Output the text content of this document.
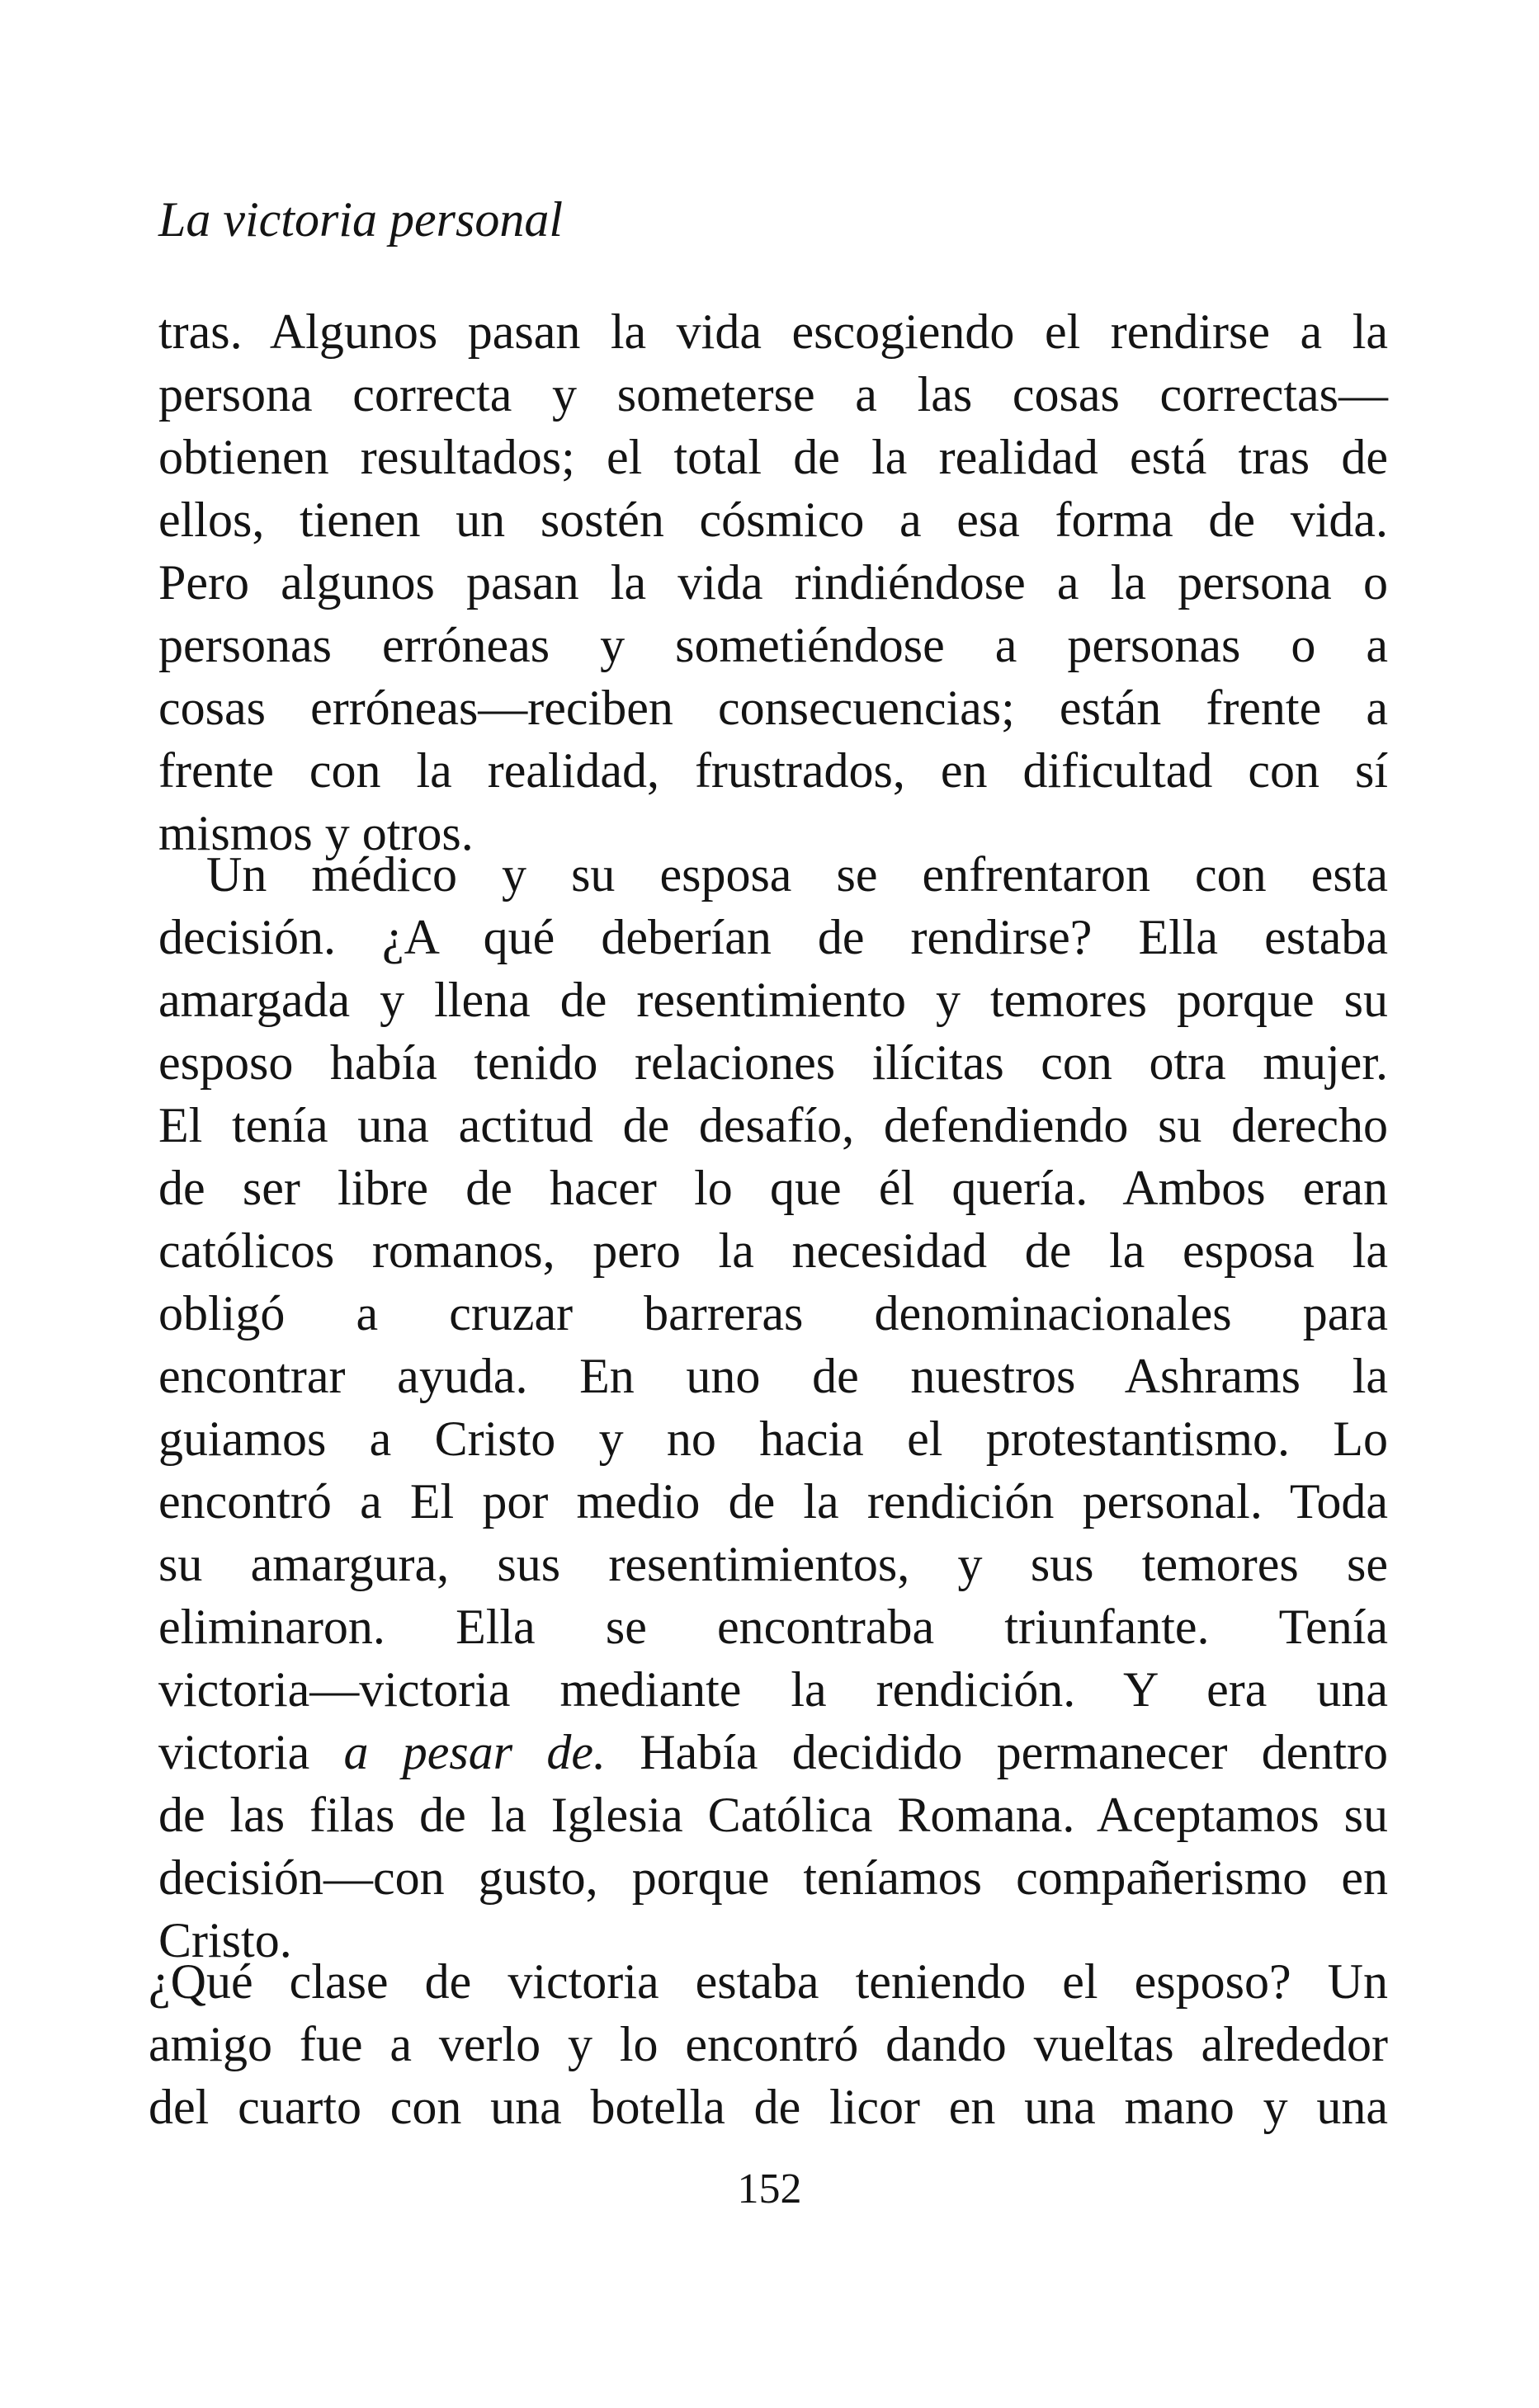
La victoria personal
tras. Algunos pasan la vida escogiendo el rendirse a la
persona correcta y someterse a las cosas correctas—
obtienen resultados; el total de la realidad está tras de
ellos, tienen un sostén cósmico a esa forma de vida.
Pero algunos pasan la vida rindiéndose a la persona o
personas erróneas y sometiéndose a personas o a
cosas erróneas—reciben consecuencias; están frente a
frente con la realidad, frustrados, en dificultad con sí
mismos y otros.
Un médico y su esposa se enfrentaron con esta
decisión. ¿A qué deberían de rendirse? Ella estaba
amargada y llena de resentimiento y temores porque su
esposo había tenido relaciones ilícitas con otra mujer.
El tenía una actitud de desafío, defendiendo su derecho
de ser libre de hacer lo que él quería. Ambos eran
católicos romanos, pero la necesidad de la esposa la
obligó a cruzar barreras denominacionales para
encontrar ayuda. En uno de nuestros Ashrams la
guiamos a Cristo y no hacia el protestantismo. Lo
encontró a El por medio de la rendición personal. Toda
su amargura, sus resentimientos, y sus temores se
eliminaron. Ella se encontraba triunfante. Tenía
victoria—victoria mediante la rendición. Y era una
victoria a pesar de. Había decidido permanecer dentro
de las filas de la Iglesia Católica Romana. Aceptamos su
decisión—con gusto, porque teníamos compañerismo en
Cristo.
¿Qué clase de victoria estaba teniendo el esposo? Un
amigo fue a verlo y lo encontró dando vueltas alrededor
del cuarto con una botella de licor en una mano y una
152
